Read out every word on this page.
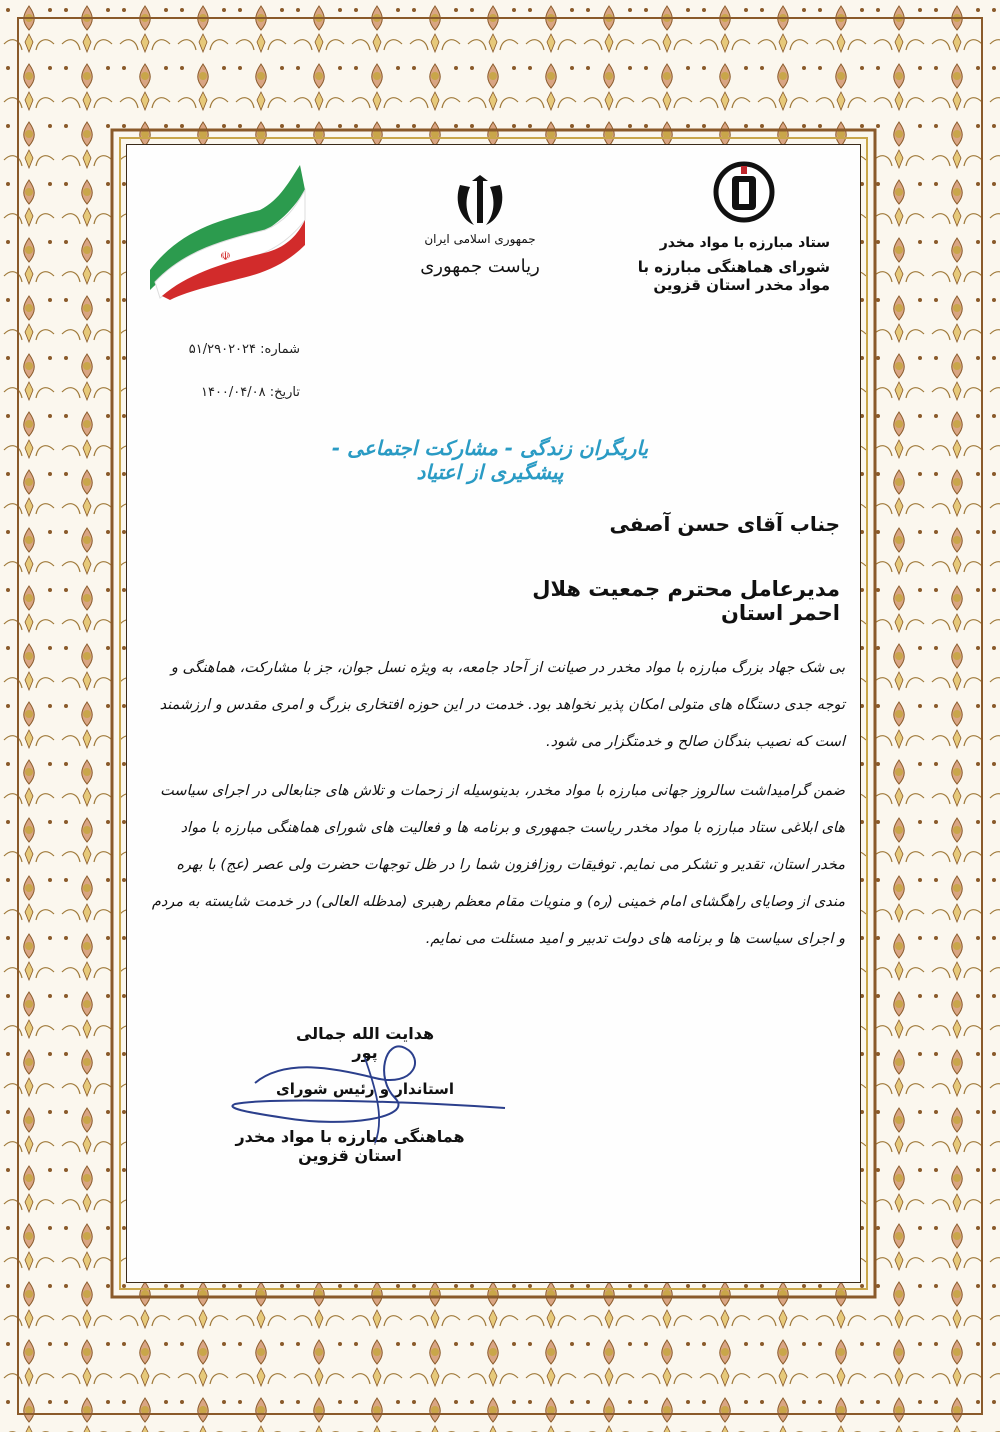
ستاد مبارزه با مواد مخدر
شورای هماهنگی مبارزه با مواد مخدر استان قزوین
جمهوری اسلامی ایران
ریاست جمهوری
☫
شماره: ۵۱/۲۹۰۲۰۲۴
تاریخ: ۱۴۰۰/۰۴/۰۸
یاریگران زندگی - مشارکت اجتماعی - پیشگیری از اعتیاد
جناب آقای حسن آصفی
مدیرعامل محترم جمعیت هلال احمر استان
بی شک جهاد بزرگ مبارزه با مواد مخدر در صیانت از آحاد جامعه، به ویژه نسل جوان، جز با مشارکت، هماهنگی و توجه جدی دستگاه های متولی امکان پذیر نخواهد بود. خدمت در این حوزه افتخاری بزرگ و امری مقدس و ارزشمند است که نصیب بندگان صالح و خدمتگزار می شود.
ضمن گرامیداشت سالروز جهانی مبارزه با مواد مخدر، بدینوسیله از زحمات و تلاش های جنابعالی در اجرای سیاست های ابلاغی ستاد مبارزه با مواد مخدر ریاست جمهوری و برنامه ها و فعالیت های شورای هماهنگی مبارزه با مواد مخدر استان، تقدیر و تشکر می نمایم. توفیقات روزافزون شما را در ظل توجهات حضرت ولی عصر (عج) با بهره مندی از وصایای راهگشای امام خمینی (ره) و منویات مقام معظم رهبری (مدظله العالی) در خدمت شایسته به مردم و اجرای سیاست ها و برنامه های دولت تدبیر و امید مسئلت می نمایم.
هدایت الله جمالی پور
استاندار و رئیس شورای
هماهنگی مبارزه با مواد مخدر استان قزوین
